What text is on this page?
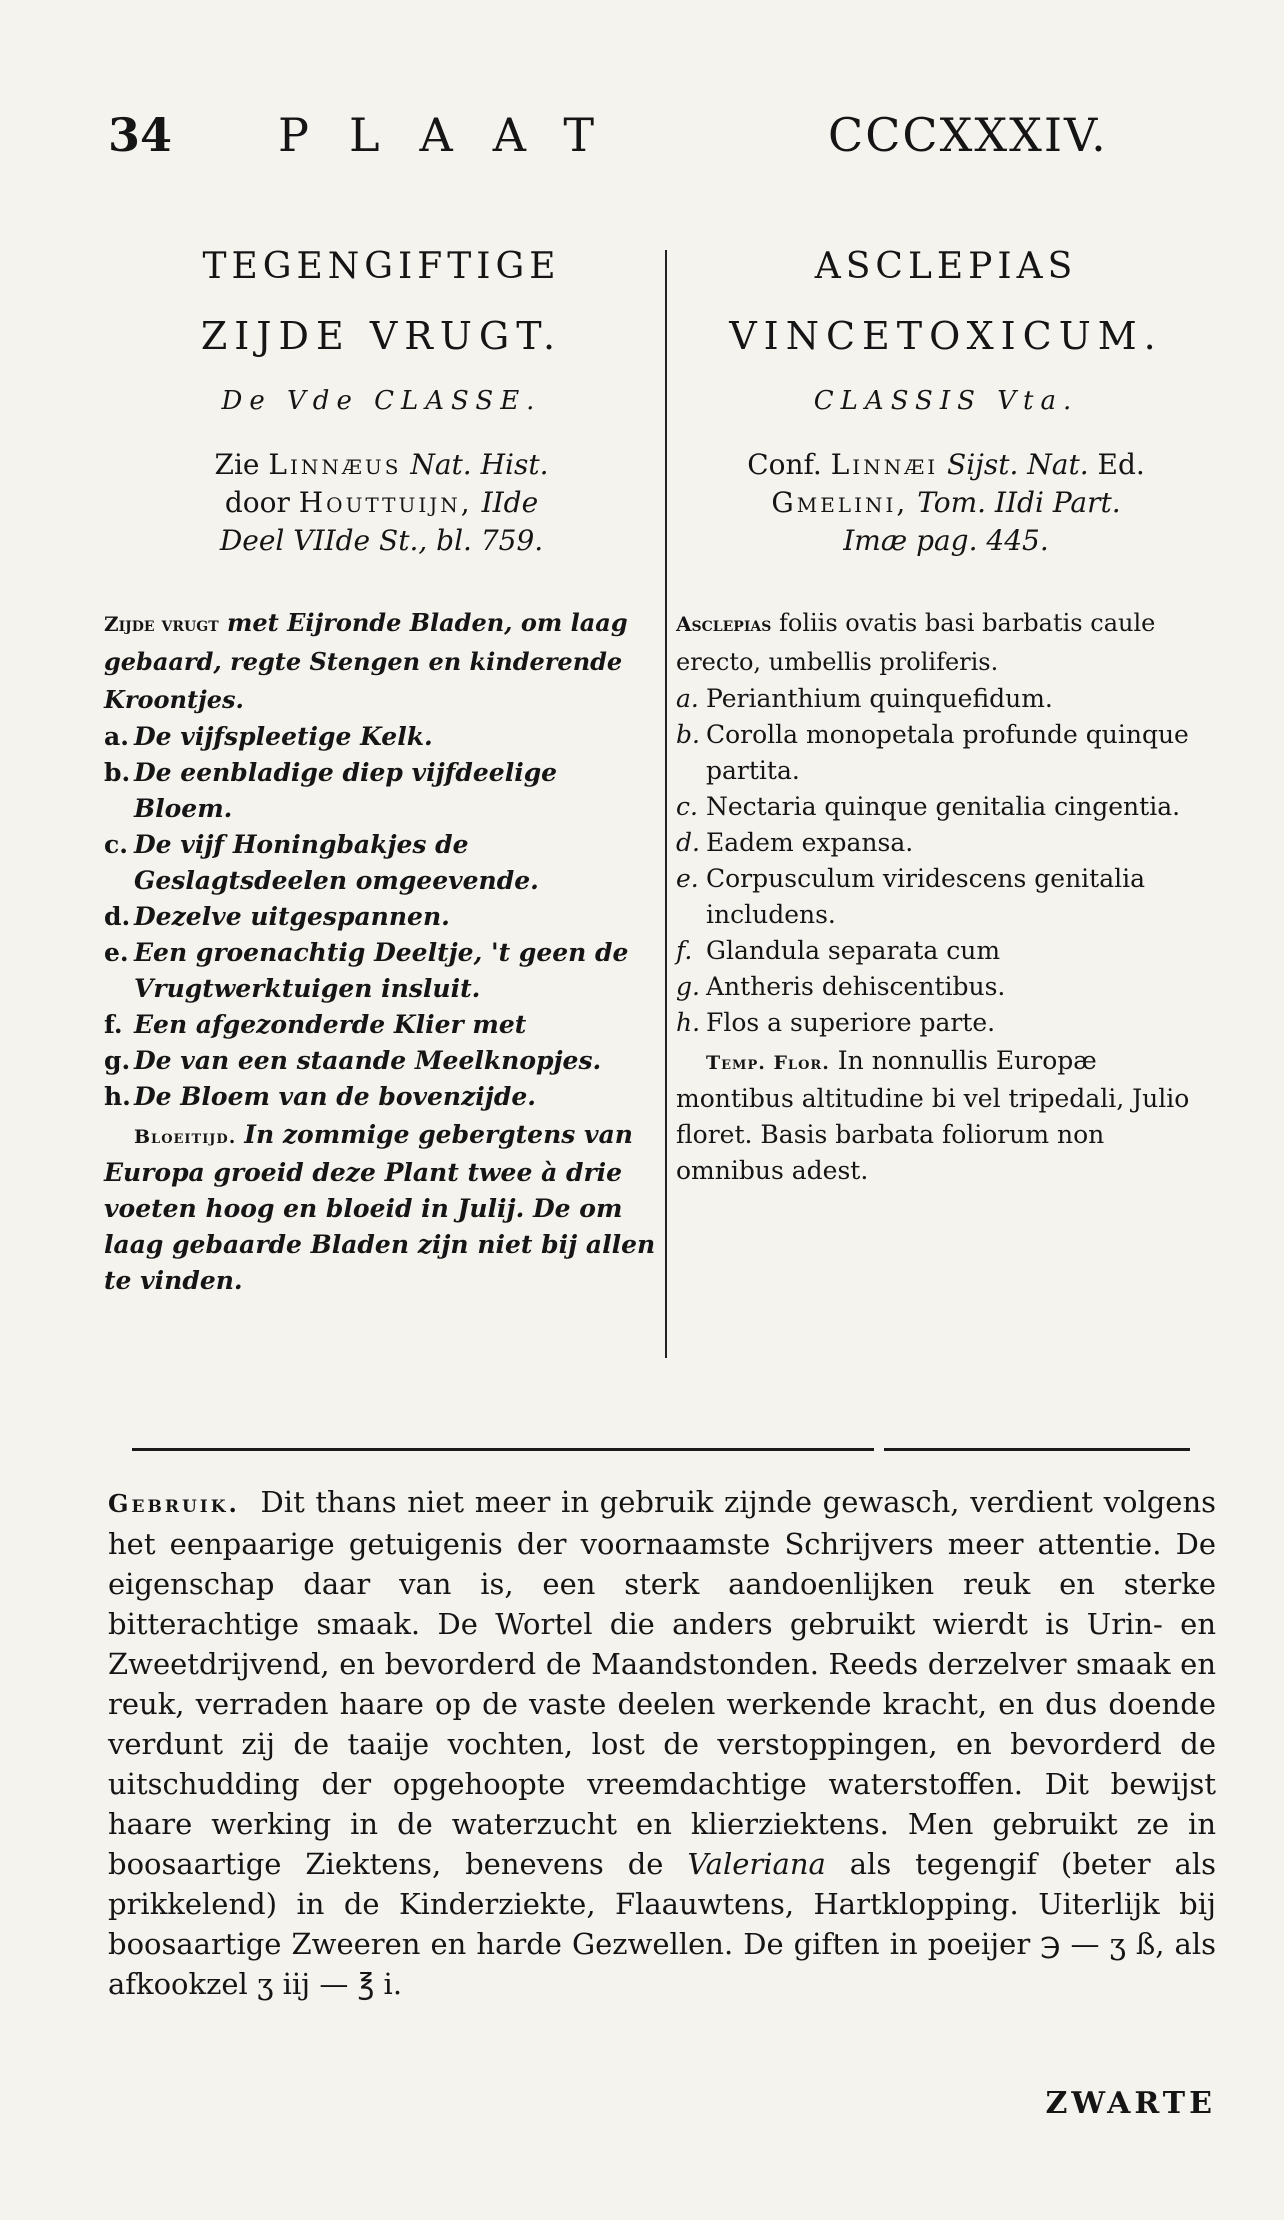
34 PLAAT	CCCXXXIV.
TEGENGIFTIGE
ZIJDE VRUGT.
De Vde CLASSE.
Zie Linnæus Nat. Hist.
door Houttuijn, IIde
Deel VIIde St., bl. 759.
Zijde vrugt met Eijronde Bladen, om laag gebaard, regte Stengen en kinderende Kroontjes.
a. De vijfspleetige Kelk.
b. De eenbladige diep vijfdeelige Bloem.
c. De vijf Honingbakjes de Geslagtsdeelen omgeevende.
d. Dezelve uitgespannen.
e. Een groenachtig Deeltje, 't geen de Vrugtwerktuigen insluit.
f. Een afgezonderde Klier met
g. De van een staande Meelknopjes.
h. De Bloem van de bovenzijde.
Bloeitijd. In zommige gebergtens van Europa groeid deze Plant twee à drie voeten hoog en bloeid in Julij. De om laag gebaarde Bladen zijn niet bij allen te vinden.
ASCLEPIAS
VINCETOXICUM.
CLASSIS Vta.
Conf. Linnæi Sijst. Nat. Ed.
Gmelini, Tom. IIdi Part.
Imæ pag. 445.
Asclepias foliis ovatis basi barbatis caule erecto, umbellis proliferis.
a. Perianthium quinquefidum.
b. Corolla monopetala profunde quinque partita.
c. Nectaria quinque genitalia cingentia.
d. Eadem expansa.
e. Corpusculum viridescens genitalia includens.
f. Glandula separata cum
g. Antheris dehiscentibus.
h. Flos a superiore parte.
Temp. Flor. In nonnullis Europæ montibus altitudine bi vel tripedali, Julio floret. Basis barbata foliorum non omnibus adest.
Gebruik. Dit thans niet meer in gebruik zijnde gewasch, verdient volgens het eenpaarige getuigenis der voornaamste Schrijvers meer attentie. De eigenschap daar van is, een sterk aandoenlijken reuk en sterke bitterachtige smaak. De Wortel die anders gebruikt wierdt is Urin- en Zweetdrijvend, en bevorderd de Maandstonden. Reeds derzelver smaak en reuk, verraden haare op de vaste deelen werkende kracht, en dus doende verdunt zij de taaije vochten, lost de verstoppingen, en bevorderd de uitschudding der opgehoopte vreemdachtige waterstoffen. Dit bewijst haare werking in de waterzucht en klierziektens. Men gebruikt ze in boosaartige Ziektens, benevens de Valeriana als tegengif (beter als prikkelend) in de Kinderziekte, Flaauwtens, Hartklopping. Uiterlijk bij boosaartige Zweeren en harde Gezwellen. De giften in poeijer ℈ — ʒ ß, als afkookzel ʒ iij — ℥ i.
ZWARTE
